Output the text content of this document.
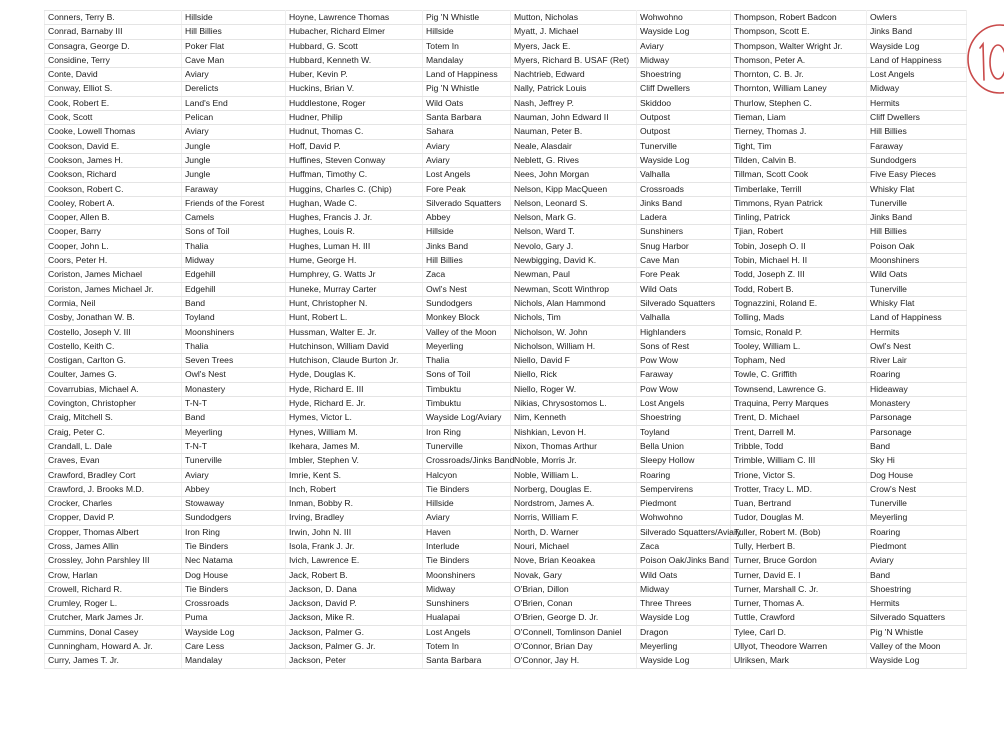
Conners, Terry B.	Hillside	Hoyne, Lawrence Thomas	Pig 'N Whistle	Mutton, Nicholas	Wohwohno	Thompson, Robert Badcon	Owlers
Conrad, Barnaby III	Hill Billies	Hubacher, Richard Elmer	Hillside	Myatt, J. Michael	Wayside Log	Thompson, Scott E.	Jinks Band
Consagra, George D.	Poker Flat	Hubbard, G. Scott	Totem In	Myers, Jack E.	Aviary	Thompson, Walter Wright Jr.	Wayside Log
Considine, Terry	Cave Man	Hubbard, Kenneth W.	Mandalay	Myers, Richard B. USAF (Ret)	Midway	Thomson, Peter A.	Land of Happiness
Conte, David	Aviary	Huber, Kevin P.	Land of Happiness	Nachtrieb, Edward	Shoestring	Thornton, C. B. Jr.	Lost Angels
Conway, Elliot S.	Derelicts	Huckins, Brian V.	Pig 'N Whistle	Nally, Patrick Louis	Cliff Dwellers	Thornton, William Laney	Midway
Cook, Robert E.	Land's End	Huddlestone, Roger	Wild Oats	Nash, Jeffrey P.	Skiddoo	Thurlow, Stephen C.	Hermits
Cook, Scott	Pelican	Hudner, Philip	Santa Barbara	Nauman, John Edward II	Outpost	Tieman, Liam	Cliff Dwellers
Cooke, Lowell Thomas	Aviary	Hudnut, Thomas C.	Sahara	Nauman, Peter B.	Outpost	Tierney, Thomas J.	Hill Billies
Cookson, David E.	Jungle	Hoff, David P.	Aviary	Neale, Alasdair	Tunerville	Tight, Tim	Faraway
Cookson, James H.	Jungle	Huffines, Steven Conway	Aviary	Neblett, G. Rives	Wayside Log	Tilden, Calvin B.	Sundodgers
Cookson, Richard	Jungle	Huffman, Timothy C.	Lost Angels	Nees, John Morgan	Valhalla	Tillman, Scott Cook	Five Easy Pieces
Cookson, Robert C.	Faraway	Huggins, Charles C. (Chip)	Fore Peak	Nelson, Kipp MacQueen	Crossroads	Timberlake, Terrill	Whisky Flat
Cooley, Robert A.	Friends of the Forest	Hughan, Wade C.	Silverado Squatters	Nelson, Leonard S.	Jinks Band	Timmons, Ryan Patrick	Tunerville
Cooper, Allen B.	Camels	Hughes, Francis J. Jr.	Abbey	Nelson, Mark G.	Ladera	Tinling, Patrick	Jinks Band
Cooper, Barry	Sons of Toil	Hughes, Louis R.	Hillside	Nelson, Ward T.	Sunshiners	Tjian, Robert	Hill Billies
Cooper, John L.	Thalia	Hughes, Luman H. III	Jinks Band	Nevolo, Gary J.	Snug Harbor	Tobin, Joseph O. II	Poison Oak
Coors, Peter H.	Midway	Hume, George H.	Hill Billies	Newbigging, David K.	Cave Man	Tobin, Michael H. II	Moonshiners
Coriston, James Michael	Edgehill	Humphrey, G. Watts Jr	Zaca	Newman, Paul	Fore Peak	Todd, Joseph Z. III	Wild Oats
Coriston, James Michael Jr.	Edgehill	Huneke, Murray Carter	Owl's Nest	Newman, Scott Winthrop	Wild Oats	Todd, Robert B.	Tunerville
Cormia, Neil	Band	Hunt, Christopher N.	Sundodgers	Nichols, Alan Hammond	Silverado Squatters	Tognazzini, Roland E.	Whisky Flat
Cosby, Jonathan W. B.	Toyland	Hunt, Robert L.	Monkey Block	Nichols, Tim	Valhalla	Tolling, Mads	Land of Happiness
Costello, Joseph V. III	Moonshiners	Hussman, Walter E. Jr.	Valley of the Moon	Nicholson, W. John	Highlanders	Tomsic, Ronald P.	Hermits
Costello, Keith C.	Thalia	Hutchinson, William David	Meyerling	Nicholson, William H.	Sons of Rest	Tooley, William L.	Owl's Nest
Costigan, Carlton G.	Seven Trees	Hutchison, Claude Burton Jr.	Thalia	Niello, David F	Pow Wow	Topham, Ned	River Lair
Coulter, James G.	Owl's Nest	Hyde, Douglas K.	Sons of Toil	Niello, Rick	Faraway	Towle, C. Griffith	Roaring
Covarrubias, Michael A.	Monastery	Hyde, Richard E. III	Timbuktu	Niello, Roger W.	Pow Wow	Townsend, Lawrence G.	Hideaway
Covington, Christopher	T-N-T	Hyde, Richard E. Jr.	Timbuktu	Nikias, Chrysostomos L.	Lost Angels	Traquina, Perry Marques	Monastery
Craig, Mitchell S.	Band	Hymes, Victor L.	Wayside Log/Aviary	Nim, Kenneth	Shoestring	Trent, D. Michael	Parsonage
Craig, Peter C.	Meyerling	Hynes, William M.	Iron Ring	Nishkian, Levon H.	Toyland	Trent, Darrell M.	Parsonage
Crandall, L. Dale	T-N-T	Ikehara, James M.	Tunerville	Nixon, Thomas Arthur	Bella Union	Tribble, Todd	Band
Craves, Evan	Tunerville	Imbler, Stephen V.	Crossroads/Jinks Band	Noble, Morris Jr.	Sleepy Hollow	Trimble, William C. III	Sky Hi
Crawford, Bradley Cort	Aviary	Imrie, Kent S.	Halcyon	Noble, William L.	Roaring	Trione, Victor S.	Dog House
Crawford, J. Brooks M.D.	Abbey	Inch, Robert	Tie Binders	Norberg, Douglas E.	Sempervirens	Trotter, Tracy L. MD.	Crow's Nest
Crocker, Charles	Stowaway	Inman, Bobby R.	Hillside	Nordstrom, James A.	Piedmont	Tuan, Bertrand	Tunerville
Cropper, David P.	Sundodgers	Irving, Bradley	Aviary	Norris, William F.	Wohwohno	Tudor, Douglas M.	Meyerling
Cropper, Thomas Albert	Iron Ring	Irwin, John N. III	Haven	North, D. Warner	Silverado Squatters/Aviary	Tuller, Robert M. (Bob)	Roaring
Cross, James Allin	Tie Binders	Isola, Frank J. Jr.	Interlude	Nouri, Michael	Zaca	Tully, Herbert B.	Piedmont
Crossley, John Parshley III	Nec Natama	Ivich, Lawrence E.	Tie Binders	Nove, Brian Keoakea	Poison Oak/Jinks Band	Turner, Bruce Gordon	Aviary
Crow, Harlan	Dog House	Jack, Robert B.	Moonshiners	Novak, Gary	Wild Oats	Turner, David E. I	Band
Crowell, Richard R.	Tie Binders	Jackson, D. Dana	Midway	O'Brian, Dillon	Midway	Turner, Marshall C. Jr.	Shoestring
Crumley, Roger L.	Crossroads	Jackson, David P.	Sunshiners	O'Brien, Conan	Three Threes	Turner, Thomas A.	Hermits
Crutcher, Mark James Jr.	Puma	Jackson, Mike R.	Hualapai	O'Brien, George D. Jr.	Wayside Log	Tuttle, Crawford	Silverado Squatters
Cummins, Donal Casey	Wayside Log	Jackson, Palmer G.	Lost Angels	O'Connell, Tomlinson Daniel	Dragon	Tylee, Carl D.	Pig 'N Whistle
Cunningham, Howard A. Jr.	Care Less	Jackson, Palmer G. Jr.	Totem In	O'Connor, Brian Day	Meyerling	Ullyot, Theodore Warren	Valley of the Moon
Curry, James T. Jr.	Mandalay	Jackson, Peter	Santa Barbara	O'Connor, Jay H.	Wayside Log	Ulriksen, Mark	Wayside Log
